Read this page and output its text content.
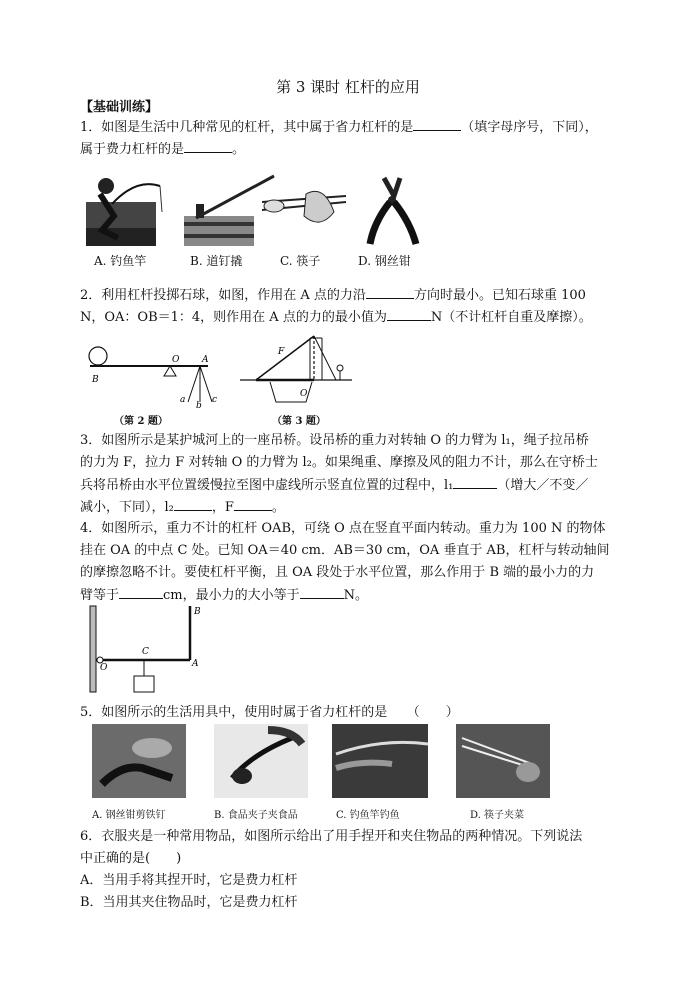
第 3 课时 杠杆的应用
【基础训练】
1．如图是生活中几种常见的杠杆，其中属于省力杠杆的是	（填字母序号，下同），
属于费力杠杆的是	。
A. 钓鱼竿	B. 道钉撬	C. 筷子	D. 钢丝钳
2．利用杠杆投掷石球，如图，作用在 A 点的力沿	方向时最小。已知石球重 100
N，OA：OB＝1：4，则作用在 A 点的力的最小值为	N（不计杠杆自重及摩擦）。
B
O	A
a
b
c
（第 2 题）
F
O
（第 3 题）
3．如图所示是某护城河上的一座吊桥。设吊桥的重力对转轴 O 的力臂为 l₁，绳子拉吊桥
的力为 F，拉力 F 对转轴 O 的力臂为 l₂。如果绳重、摩擦及风的阻力不计，那么在守桥士
兵将吊桥由水平位置缓慢拉至图中虚线所示竖直位置的过程中，l₁	（增大／不变／
减小，下同），l₂	，F	。
4．如图所示，重力不计的杠杆 OAB，可绕 O 点在竖直平面内转动。重力为 100 N 的物体
挂在 OA 的中点 C 处。已知 OA＝40 cm．AB＝30 cm，OA 垂直于 AB，杠杆与转动轴间
的摩擦忽略不计。要使杠杆平衡，且 OA 段处于水平位置，那么作用于 B 端的最小力的力
臂等于	cm，最小力的大小等于	N。
O
C
A
B
5．如图所示的生活用具中，使用时属于省力杠杆的是　　（　　）
A. 钢丝钳剪铁钉	B. 食品夹子夹食品	C. 钓鱼竿钓鱼	D. 筷子夹菜
6．衣服夹是一种常用物品，如图所示给出了用手捏开和夹住物品的两种情况。下列说法
中正确的是(　　)
A．当用手将其捏开时，它是费力杠杆
B．当用其夹住物品时，它是费力杠杆
